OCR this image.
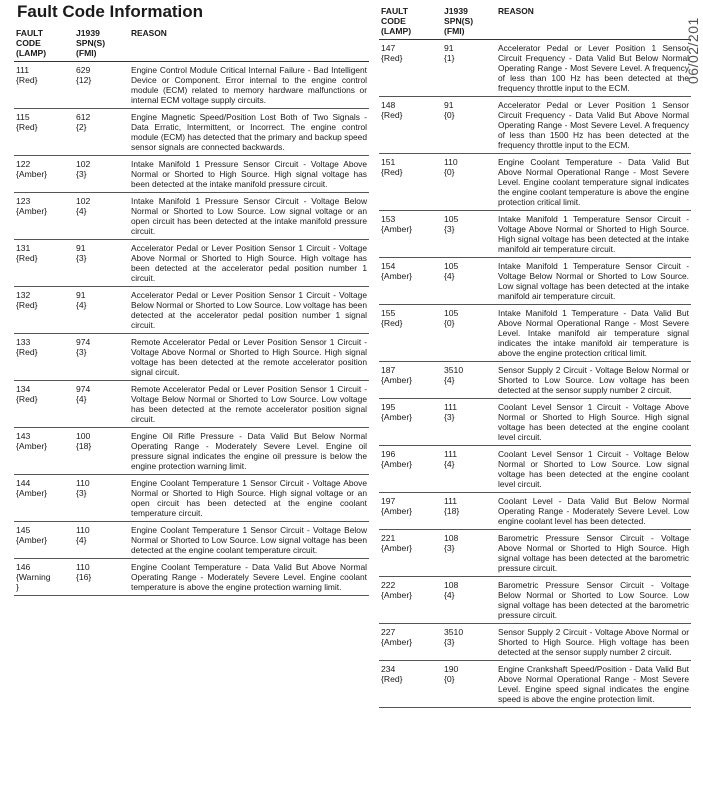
Fault Code Information
FAULT
CODE
(LAMP)
J1939
SPN(S)
(FMI)
REASON
111
{Red}
629
{12}
Engine Control Module Critical Internal Failure - Bad Intelligent Device or Component. Error internal to the engine control module (ECM) related to memory hardware malfunctions or internal ECM voltage supply circuits.
115
{Red}
612
{2}
Engine Magnetic Speed/Position Lost Both of Two Signals - Data Erratic, Intermittent, or Incorrect. The engine control module (ECM) has detected that the primary and backup speed sensor signals are connected backwards.
122
{Amber}
102
{3}
Intake Manifold 1 Pressure Sensor Circuit - Voltage Above Normal or Shorted to High Source. High signal voltage has been detected at the intake manifold pressure circuit.
123
{Amber}
102
{4}
Intake Manifold 1 Pressure Sensor Circuit - Voltage Below Normal or Shorted to Low Source. Low signal voltage or an open circuit has been detected at the intake manifold pressure circuit.
131
{Red}
91
{3}
Accelerator Pedal or Lever Position Sensor 1 Circuit - Voltage Above Normal or Shorted to High Source. High voltage has been detected at the accelerator pedal position number 1 circuit.
132
{Red}
91
{4}
Accelerator Pedal or Lever Position Sensor 1 Circuit - Voltage Below Normal or Shorted to Low Source. Low voltage has been detected at the accelerator pedal position number 1 signal circuit.
133
{Red}
974
{3}
Remote Accelerator Pedal or Lever Position Sensor 1 Circuit - Voltage Above Normal or Shorted to High Source. High signal voltage has been detected at the remote accelerator position signal circuit.
134
{Red}
974
{4}
Remote Accelerator Pedal or Lever Position Sensor 1 Circuit - Voltage Below Normal or Shorted to Low Source. Low voltage has been detected at the remote accelerator position signal circuit.
143
{Amber}
100
{18}
Engine Oil Rifle Pressure - Data Valid But Below Normal Operating Range - Moderately Severe Level. Engine oil pressure signal indicates the engine oil pressure is below the engine protection warning limit.
144
{Amber}
110
{3}
Engine Coolant Temperature 1 Sensor Circuit - Voltage Above Normal or Shorted to High Source. High signal voltage or an open circuit has been detected at the engine coolant temperature circuit.
145
{Amber}
110
{4}
Engine Coolant Temperature 1 Sensor Circuit - Voltage Below Normal or Shorted to Low Source. Low signal voltage has been detected at the engine coolant temperature circuit.
146
{Warning
}
110
{16}
Engine Coolant Temperature - Data Valid But Above Normal Operating Range - Moderately Severe Level. Engine coolant temperature is above the engine protection warning limit.
FAULT
CODE
(LAMP)
J1939
SPN(S)
(FMI)
REASON
147
{Red}
91
{1}
Accelerator Pedal or Lever Position 1 Sensor Circuit Frequency - Data Valid But Below Normal Operating Range - Most Severe Level. A frequency of less than 100 Hz has been detected at the frequency throttle input to the ECM.
148
{Red}
91
{0}
Accelerator Pedal or Lever Position 1 Sensor Circuit Frequency - Data Valid But Above Normal Operating Range - Most Severe Level. A frequency of less than 1500 Hz has been detected at the frequency throttle input to the ECM.
151
{Red}
110
{0}
Engine Coolant Temperature - Data Valid But Above Normal Operational Range - Most Severe Level. Engine coolant temperature signal indicates the engine coolant temperature is above the engine protection critical limit.
153
{Amber}
105
{3}
Intake Manifold 1 Temperature Sensor Circuit - Voltage Above Normal or Shorted to High Source. High signal voltage has been detected at the intake manifold air temperature circuit.
154
{Amber}
105
{4}
Intake Manifold 1 Temperature Sensor Circuit - Voltage Below Normal or Shorted to Low Source. Low signal voltage has been detected at the intake manifold air temperature circuit.
155
{Red}
105
{0}
Intake Manifold 1 Temperature - Data Valid But Above Normal Operational Range - Most Severe Level. Intake manifold air temperature signal indicates the intake manifold air temperature is above the engine protection critical limit.
187
{Amber}
3510
{4}
Sensor Supply 2 Circuit - Voltage Below Normal or Shorted to Low Source. Low voltage has been detected at the sensor supply number 2 circuit.
195
{Amber}
111
{3}
Coolant Level Sensor 1 Circuit - Voltage Above Normal or Shorted to High Source. High signal voltage has been detected at the engine coolant level circuit.
196
{Amber}
111
{4}
Coolant Level Sensor 1 Circuit - Voltage Below Normal or Shorted to Low Source. Low signal voltage has been detected at the engine coolant level circuit.
197
{Amber}
111
{18}
Coolant Level - Data Valid But Below Normal Operating Range - Moderately Severe Level. Low engine coolant level has been detected.
221
{Amber}
108
{3}
Barometric Pressure Sensor Circuit - Voltage Above Normal or Shorted to High Source. High signal voltage has been detected at the barometric pressure circuit.
222
{Amber}
108
{4}
Barometric Pressure Sensor Circuit - Voltage Below Normal or Shorted to Low Source. Low signal voltage has been detected at the barometric pressure circuit.
227
{Amber}
3510
{3}
Sensor Supply 2 Circuit - Voltage Above Normal or Shorted to High Source. High voltage has been detected at the sensor supply number 2 circuit.
234
{Red}
190
{0}
Engine Crankshaft Speed/Position - Data Valid But Above Normal Operational Range - Most Severe Level. Engine speed signal indicates the engine speed is above the engine protection limit.
06/02/201
